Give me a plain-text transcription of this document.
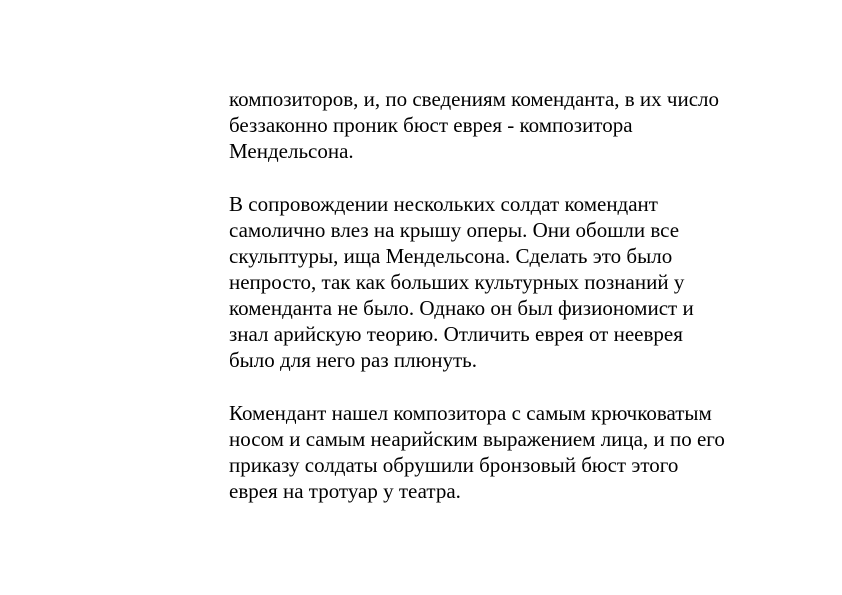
композиторов, и, по сведениям коменданта, в их число
беззаконно проник бюст еврея - композитора
Мендельсона.

В сопровождении нескольких солдат комендант
самолично влез на крышу оперы. Они обошли все
скульптуры, ища Мендельсона. Сделать это было
непросто, так как больших культурных познаний у
коменданта не было. Однако он был физиономист и
знал арийскую теорию. Отличить еврея от нееврея
было для него раз плюнуть.

Комендант нашел композитора с самым крючковатым
носом и самым неарийским выражением лица, и по его
приказу солдаты обрушили бронзовый бюст этого
еврея на тротуар у театра.
